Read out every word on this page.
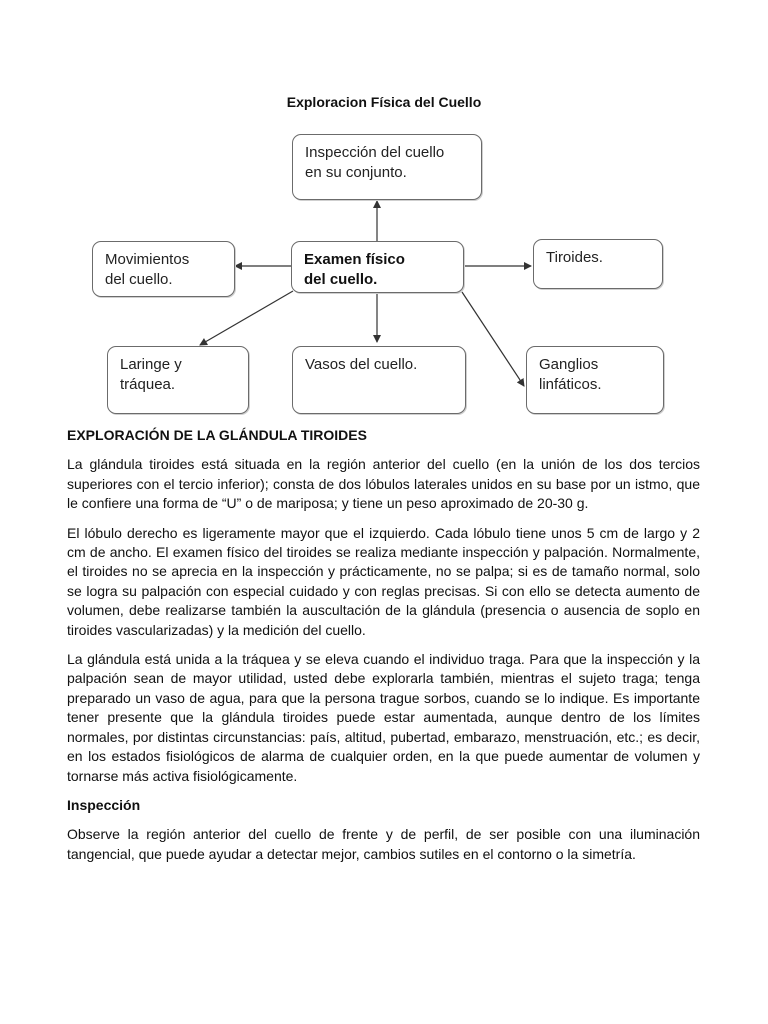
Exploracion Física del Cuello
Inspección del cuello
en su conjunto.
Movimientos
del cuello.
Examen físico
del cuello.
Tiroides.
Laringe y
tráquea.
Vasos del cuello.	Ganglios
linfáticos.
EXPLORACIÓN DE LA GLÁNDULA TIROIDES

La glándula tiroides está situada en la región anterior del cuello (en la unión de los dos tercios superiores con el tercio inferior); consta de dos lóbulos laterales unidos en su base por un istmo, que le confiere una forma de “U” o de mariposa; y tiene un peso aproximado de 20-30 g.

El lóbulo derecho es ligeramente mayor que el izquierdo. Cada lóbulo tiene unos 5 cm de largo y 2 cm de ancho. El examen físico del tiroides se realiza mediante inspección y palpación. Normalmente, el tiroides no se aprecia en la inspección y prácticamente, no se palpa; si es de tamaño normal, solo se logra su palpación con especial cuidado y con reglas precisas. Si con ello se detecta aumento de volumen, debe realizarse también la auscultación de la glándula (presencia o ausencia de soplo en tiroides vascularizadas) y la medición del cuello.

La glándula está unida a la tráquea y se eleva cuando el individuo traga. Para que la inspección y la palpación sean de mayor utilidad, usted debe explorarla también, mientras el sujeto traga; tenga preparado un vaso de agua, para que la persona trague sorbos, cuando se lo indique. Es importante tener presente que la glándula tiroides puede estar aumentada, aunque dentro de los límites normales, por distintas circunstancias: país, altitud, pubertad, embarazo, menstruación, etc.; es decir, en los estados fisiológicos de alarma de cualquier orden, en la que puede aumentar de volumen y tornarse más activa fisiológicamente.

Inspección

Observe la región anterior del cuello de frente y de perfil, de ser posible con una iluminación tangencial, que puede ayudar a detectar mejor, cambios sutiles en el contorno o la simetría.
